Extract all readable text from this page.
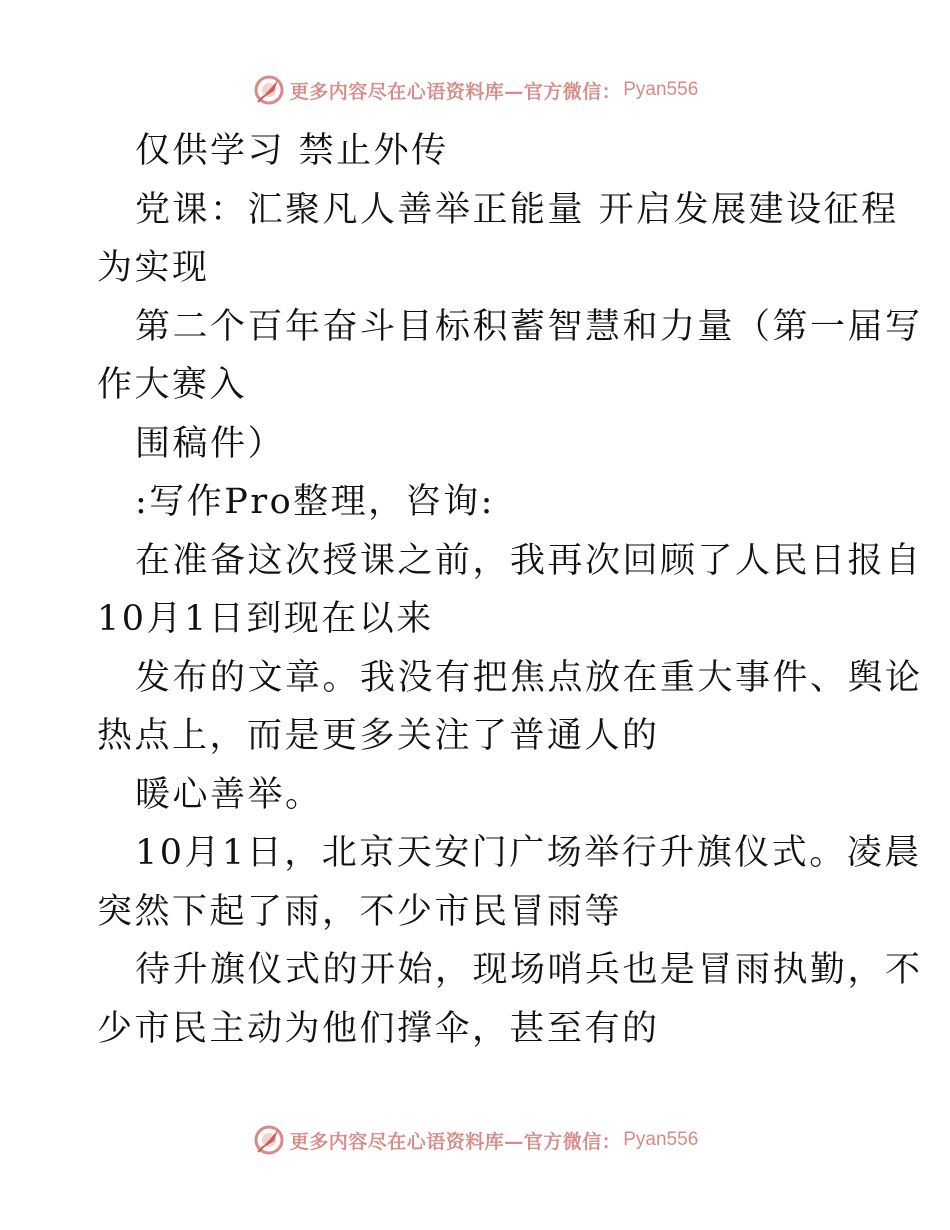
更多内容尽在心语资料库—官方微信： Pyan556
仅供学习 禁止外传
党课：汇聚凡人善举正能量 开启发展建设征程
为实现
第二个百年奋斗目标积蓄智慧和力量（第一届写
作大赛入
围稿件）
:写作Pro整理，咨询:
在准备这次授课之前，我再次回顾了人民日报自
10月1日到现在以来
发布的文章。我没有把焦点放在重大事件、舆论
热点上，而是更多关注了普通人的
暖心善举。
10月1日，北京天安门广场举行升旗仪式。凌晨
突然下起了雨，不少市民冒雨等
待升旗仪式的开始，现场哨兵也是冒雨执勤，不
少市民主动为他们撑伞，甚至有的
更多内容尽在心语资料库—官方微信： Pyan556
